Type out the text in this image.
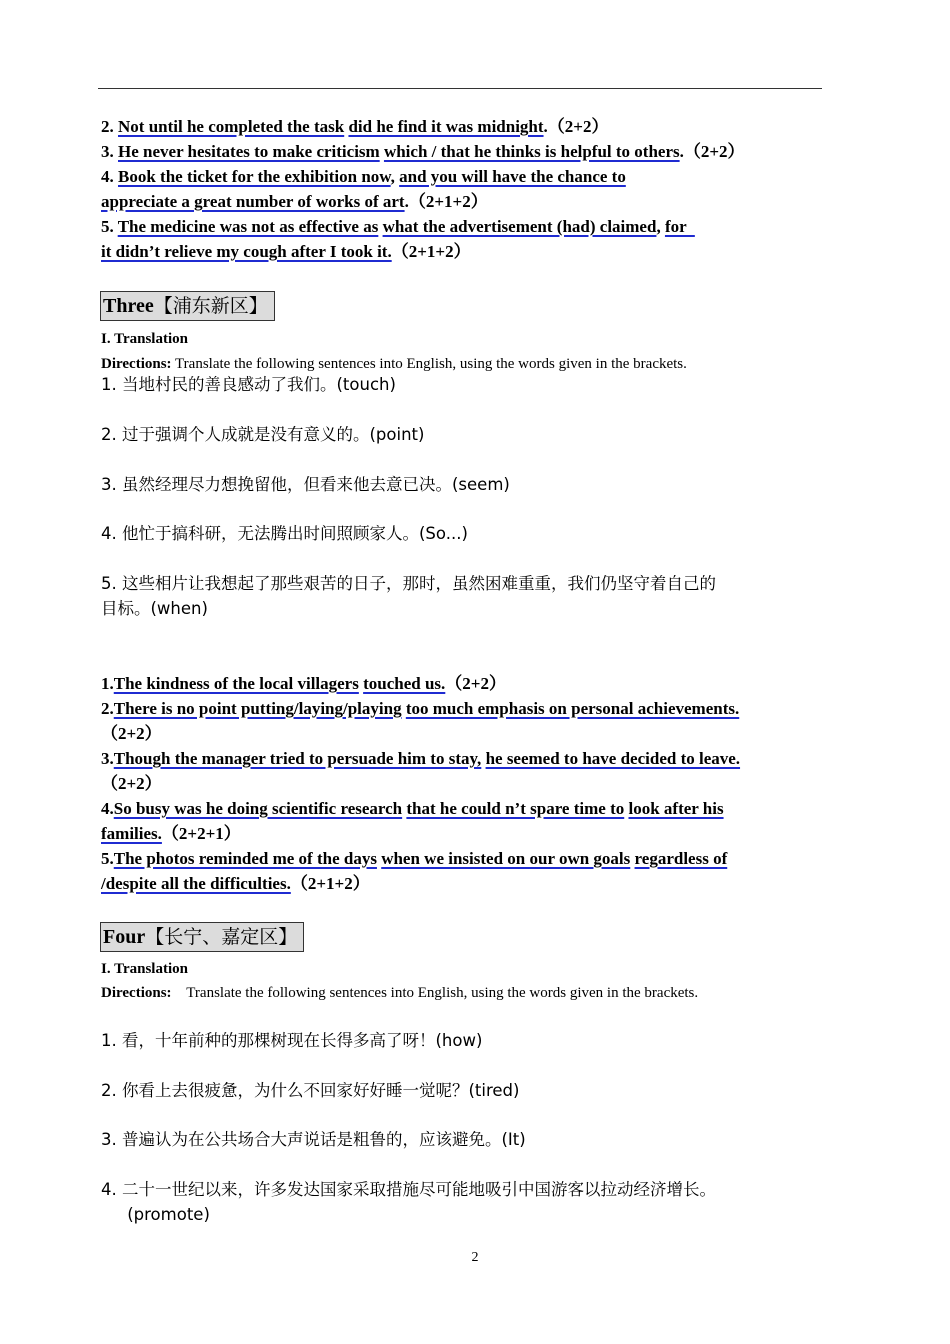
2. Not until he completed the task did he find it was midnight.（2+2）
3. He never hesitates to make criticism which / that he thinks is helpful to others.（2+2）
4. Book the ticket for the exhibition now, and you will have the chance to
appreciate a great number of works of art.（2+1+2）
5. The medicine was not as effective as what the advertisement (had) claimed, for
it didn’t relieve my cough after I took it.（2+1+2）
Three【浦东新区】
I. Translation
Directions: Translate the following sentences into English, using the words given in the brackets.
1. 当地村民的善良感动了我们。(touch)
2. 过于强调个人成就是没有意义的。(point)
3. 虽然经理尽力想挽留他，但看来他去意已决。(seem)
4. 他忙于搞科研，无法腾出时间照顾家人。(So...)
5. 这些相片让我想起了那些艰苦的日子，那时，虽然困难重重，我们仍坚守着自己的
目标。(when)
1.The kindness of the local villagers touched us.（2+2）
2.There is no point putting/laying/playing too much emphasis on personal achievements.
（2+2）
3.Though the manager tried to persuade him to stay, he seemed to have decided to leave.
（2+2）
4.So busy was he doing scientific research that he could n’t spare time to look after his
families.（2+2+1）
5.The photos reminded me of the days when we insisted on our own goals regardless of
/despite all the difficulties.（2+1+2）
Four【长宁、嘉定区】
I. Translation
Directions:    Translate the following sentences into English, using the words given in the brackets.
1. 看，十年前种的那棵树现在长得多高了呀！(how)
2. 你看上去很疲惫，为什么不回家好好睡一觉呢？(tired)
3. 普遍认为在公共场合大声说话是粗鲁的，应该避免。(It)
4. 二十一世纪以来，许多发达国家采取措施尽可能地吸引中国游客以拉动经济增长。
(promote)
2
